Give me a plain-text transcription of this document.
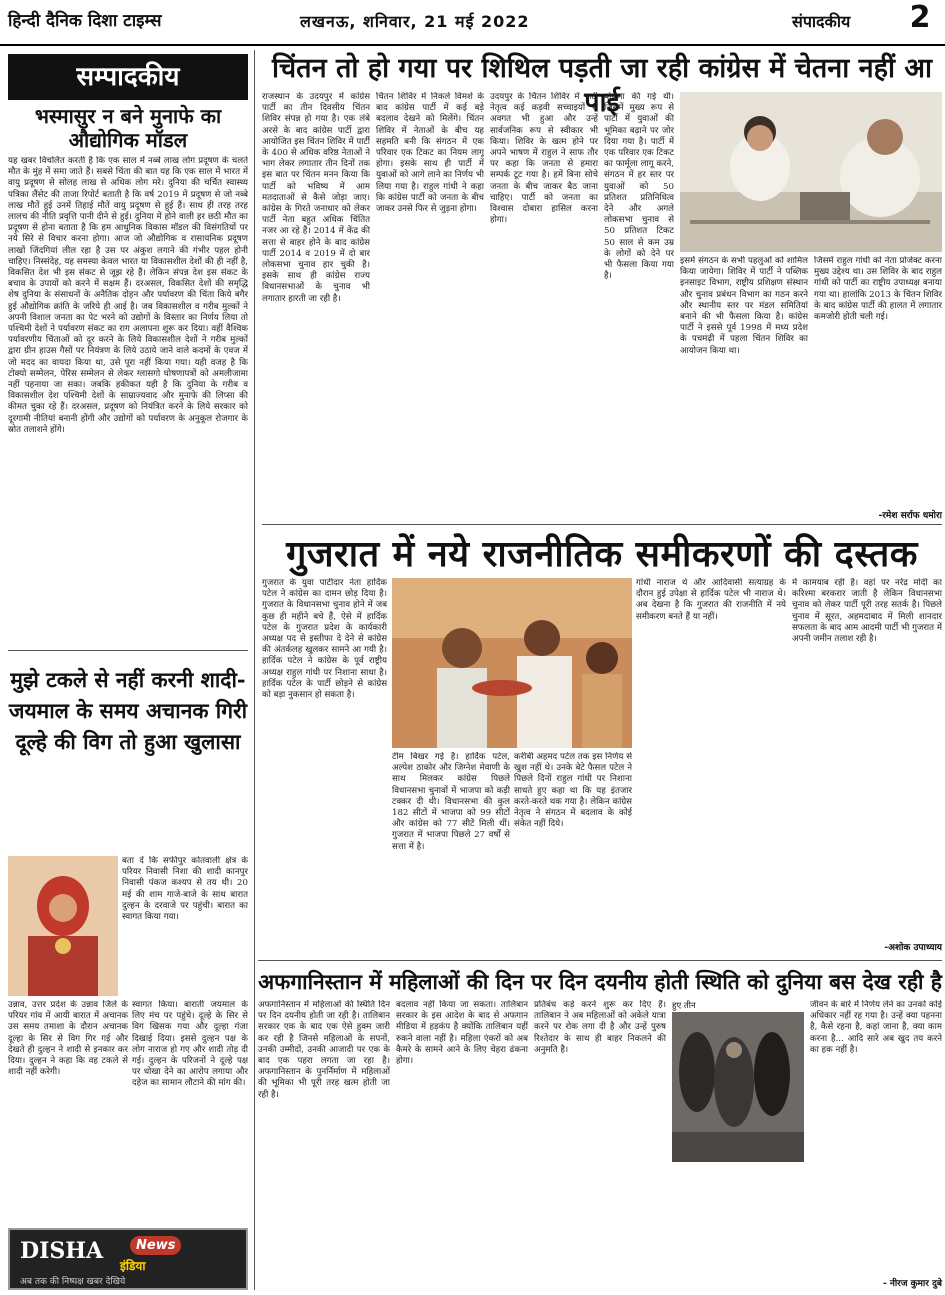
हिन्दी दैनिक दिशा टाइम्स	लखनऊ, शनिवार, 21 मई 2022	संपादकीय	2
सम्पादकीय
भस्मासुर न बने मुनाफे का औद्योगिक मॉडल
यह खबर विचलित करती है कि एक साल में नब्बे लाख लोग प्रदूषण के चलते मौत के मुंह में समा जाते हैं। सबसे चिंता की बात यह कि एक साल में भारत में वायु प्रदूषण से सोलह लाख से अधिक लोग मरे। दुनिया की चर्चित स्वास्थ्य पत्रिका लैंसेट की ताजा रिपोर्ट बताती है कि वर्ष 2019 में प्रदूषण से जो नब्बे लाख मौतें हुई उनमें तिहाई मौतें वायु प्रदूषण से हुई हैं। साथ ही तरह तरह लालच की नीति प्रवृत्ति पानी दीने से हुई। दुनिया में होने वाली हर छठी मौत का प्रदूषण से होना बताता है कि हम आधुनिक विकास मॉडल की विसंगतियों पर नये सिरे से विचार करना होगा। आज जो औद्योगिक व रासायनिक प्रदूषण लाखों जिंदगियां लील रहा है उस पर अंकुश लगाने की गंभीर पहल होनी चाहिए। निस्संदेह, यह समस्या केवल भारत या विकासशील देशों की ही नहीं है, विकसित देश भी इस संकट से जूझ रहे हैं। लेकिन संपन्न देश इस संकट के बचाव के उपायों को करने में सक्षम हैं। दरअसल, विकसित देशों की समृद्धि शेष दुनिया के संसाधनों के अनैतिक दोहन और पर्यावरण की चिंता किये बगैर हुई औद्योगिक क्रांति के जरिये ही आई है। जब विकासशील व गरीब मुल्कों ने अपनी विशाल जनता का पेट भरने को उद्योगों के विस्तार का निर्णय लिया तो पश्चिमी देशों ने पर्यावरण संकट का राग अलापना शुरू कर दिया। वहीं वैश्विक पर्यावरणीय चिंताओं को दूर करने के लिये विकासशील देशों ने गरीब मुल्कों द्वारा ग्रीन हाउस गैसों पर नियंत्रण के लिये उठाये जाने वाले कदमों के एवज में जो मदद का वायदा किया था, उसे पूरा नहीं किया गया। यही वजह है कि टोक्यो सम्मेलन, पेरिस सम्मेलन से लेकर ग्लासगो घोषणापत्रों को अमलीजामा नहीं पहनाया जा सका। जबकि हकीकत यही है कि दुनिया के गरीब व विकासशील देश पश्चिमी देशों के साम्राज्यवाद और मुनाफे की लिप्सा की कीमत चुका रहे हैं। दरअसल, प्रदूषण को नियंत्रित करने के लिये सरकार को दूरगामी नीतियां बनानी होंगी और उद्योगों को पर्यावरण के अनुकूल रोजगार के स्रोत तलाशने होंगे।
चिंतन तो हो गया पर शिथिल पड़ती जा रही कांग्रेस में चेतना नहीं आ पाई
राजस्थान के उदयपुर में कांग्रेस पार्टी का तीन दिवसीय चिंतन शिविर संपन्न हो गया है। एक लंबे अरसे के बाद कांग्रेस पार्टी द्वारा आयोजित इस चिंतन शिविर में पार्टी के 400 से अधिक वरिष्ठ नेताओं ने भाग लेकर लगातार तीन दिनों तक इस बात पर चिंतन मनन किया कि पार्टी को भविष्य में आम मतदाताओं से कैसे जोड़ा जाए। कांग्रेस के गिरते जनाधार को लेकर पार्टी नेता बहुत अधिक चिंतित नजर आ रहे हैं। 2014 में केंद्र की सत्ता से बाहर होने के बाद कांग्रेस पार्टी 2014 व 2019 में दो बार लोकसभा चुनाव हार चुकी है। इसके साथ ही कांग्रेस राज्य विधानसभाओं के चुनाव भी लगातार हारती जा रही है।
चिंतन शिविर में निकले विमर्श के बाद कांग्रेस पार्टी में कई बड़े बदलाव देखने को मिलेंगे। चिंतन शिविर में नेताओं के बीच यह सहमति बनी कि संगठन में एक परिवार एक टिकट का नियम लागू होगा। इसके साथ ही पार्टी में युवाओं को आगे लाने का निर्णय भी लिया गया है। राहुल गांधी ने कहा कि कांग्रेस पार्टी को जनता के बीच जाकर उनसे फिर से जुड़ना होगा।
उदयपुर के चिंतन शिविर में पार्टी नेतृत्व कई कड़वी सच्चाइयों से अवगत भी हुआ और उन्हें सार्वजनिक रूप से स्वीकार भी किया। शिविर के खत्म होने पर अपने भाषण में राहुल ने साफ तौर पर कहा कि जनता से हमारा सम्पर्क टूट गया है। हमें बिना सोचे जनता के बीच जाकर बैठ जाना चाहिए। पार्टी को जनता का विश्वास दोबारा हासिल करना होगा।
घोषणा की गई थी। जिसमें मुख्य रूप से पार्टी में युवाओं की भूमिका बढ़ाने पर जोर दिया गया है। पार्टी में एक परिवार एक टिकट का फार्मूला लागू करने, संगठन में हर स्तर पर युवाओं को 50 प्रतिशत प्रतिनिधित्व देने और अगले लोकसभा चुनाव से 50 प्रतिशत टिकट 50 साल से कम उम्र के लोगों को देने पर भी फैसला किया गया है।
इसमें संगठन के सभी पहलुओं को शामिल किया जायेगा। शिविर में पार्टी ने पब्लिक इनसाइट विभाग, राष्ट्रीय प्रशिक्षण संस्थान और चुनाव प्रबंधन विभाग का गठन करने और स्थानीय स्तर पर मंडल समितियां बनाने की भी फैसला किया है। कांग्रेस पार्टी ने इससे पूर्व 1998 में मध्य प्रदेश के पचमढ़ी में पहला चिंतन शिविर का आयोजन किया था।
जिसमें राहुल गांधी को नेता प्रोजेक्ट करना मुख्य उद्देश्य था। उस शिविर के बाद राहुल गांधी को पार्टी का राष्ट्रीय उपाध्यक्ष बनाया गया था। हालांकि 2013 के चिंतन शिविर के बाद कांग्रेस पार्टी की हालत में लगातार कमजोरी होती चली गई।
-रमेश सर्राफ धमोरा
गुजरात में नये राजनीतिक समीकरणों की दस्तक
गुजरात के युवा पाटीदार नेता हार्दिक पटेल ने कांग्रेस का दामन छोड़ दिया है। गुजरात के विधानसभा चुनाव होने में जब कुछ ही महीने बचे हैं, ऐसे में हार्दिक पटेल के गुजरात प्रदेश के कार्यकारी अध्यक्ष पद से इस्तीफा दे देने से कांग्रेस की अंतर्कलह खुलकर सामने आ गयी है। हार्दिक पटेल ने कांग्रेस के पूर्व राष्ट्रीय अध्यक्ष राहुल गांधी पर निशाना साधा है। हार्दिक पटेल के पार्टी छोड़ने से कांग्रेस को बड़ा नुकसान हो सकता है।
टीम बिखर गई है। हार्दिक पटेल, अल्पेश ठाकोर और जिग्नेश मेवाणी के साथ मिलकर कांग्रेस पिछले विधानसभा चुनावों में भाजपा को कड़ी टक्कर दी थी। विधानसभा की कुल 182 सीटों में भाजपा को 99 सीटों और कांग्रेस को 77 सीटें मिली थीं। गुजरात में भाजपा पिछले 27 वर्षों से सत्ता में है।
करीबी अहमद पटेल तक इस निर्णय से खुश नहीं थे। उनके बेटे फैसल पटेल ने पिछले दिनों राहुल गांधी पर निशाना साधते हुए कहा था कि यह इंतजार करते-करते थक गया है। लेकिन कांग्रेस नेतृत्व ने संगठन में बदलाव के कोई संकेत नहीं दिये।
गांधी नाराज थे और आदिवासी सत्याग्रह के दौरान हुई उपेक्षा से हार्दिक पटेल भी नाराज थे। अब देखना है कि गुजरात की राजनीति में नये समीकरण बनते हैं या नहीं।
में कामयाब रही है। वहां पर नरेंद्र मोदी का करिश्मा बरकरार जाती है लेकिन विधानसभा चुनाव को लेकर पार्टी पूरी तरह सतर्क है। पिछले चुनाव में सूरत, अहमदाबाद में मिली शानदार सफलता के बाद आम आदमी पार्टी भी गुजरात में अपनी जमीन तलाश रही है।
-अशोक उपाध्याय
मुझे टकले से नहीं करनी शादी- जयमाल के समय अचानक गिरी दूल्हे की विग तो हुआ खुलासा
बता दें कि सफीपुर कोतवाली क्षेत्र के परियर निवासी निशा की शादी कानपुर निवासी पंकज कश्यप से तय थी। 20 मई की शाम गाजे-बाजे के साथ बारात दुल्हन के दरवाजे पर पहुंची। बारात का स्वागत किया गया।
उन्नाव, उत्तर प्रदेश के उन्नाव जिले के परियर गांव में आयी बारात में अचानक उस समय तमाशा के दौरान अचानक दूल्हा के सिर से विग गिर गई और देखते ही दुल्हन ने शादी से इनकार कर दिया। दुल्हन ने कहा कि वह टकले से शादी नहीं करेगी।
स्वागत किया। बाराती जयमाल के लिए मंच पर पहुंचे। दूल्हे के सिर से विग खिसक गया और दूल्हा गंजा दिखाई दिया। इससे दुल्हन पक्ष के लोग नाराज हो गए और शादी तोड़ दी गई। दुल्हन के परिजनों ने दूल्हे पक्ष पर धोखा देने का आरोप लगाया और दहेज का सामान लौटाने की मांग की।
DISHA	News
इंडिया
अब तक की निष्पक्ष खबर देखिये
अफगानिस्तान में महिलाओं की दिन पर दिन दयनीय होती स्थिति को दुनिया बस देख रही है
अफगानिस्तान में महिलाओं की स्थिति दिन पर दिन दयनीय होती जा रही है। तालिबान सरकार एक के बाद एक ऐसे हुक्म जारी कर रही है जिनसे महिलाओं के सपनों, उनकी उम्मीदों, उनकी आजादी पर एक के बाद एक पहरा लगता जा रहा है। अफगानिस्तान के पुनर्निर्माण में महिलाओं की भूमिका भी पूरी तरह खत्म होती जा रही है।
बदलाव नहीं किया जा सकता। तालिबान सरकार के इस आदेश के बाद से अफगान मीडिया में हड़कंप है क्योंकि तालिबान यहीं रुकने वाला नहीं है। महिला एंकरों को अब कैमरे के सामने आने के लिए चेहरा ढंकना होगा।
प्रतिबंध कड़े करने शुरू कर दिए हैं। तालिबान ने अब महिलाओं को अकेले यात्रा करने पर रोक लगा दी है और उन्हें पुरुष रिश्तेदार के साथ ही बाहर निकलने की अनुमति है।
हुए तीन	जीवन के बारे में निर्णय लेने का उनको कोई अधिकार नहीं रह गया है। उन्हें क्या पहनना है, कैसे रहना है, कहां जाना है, क्या काम करना है... आदि सारे अब खुद तय करने का हक नहीं है।
- नीरज कुमार दुबे
